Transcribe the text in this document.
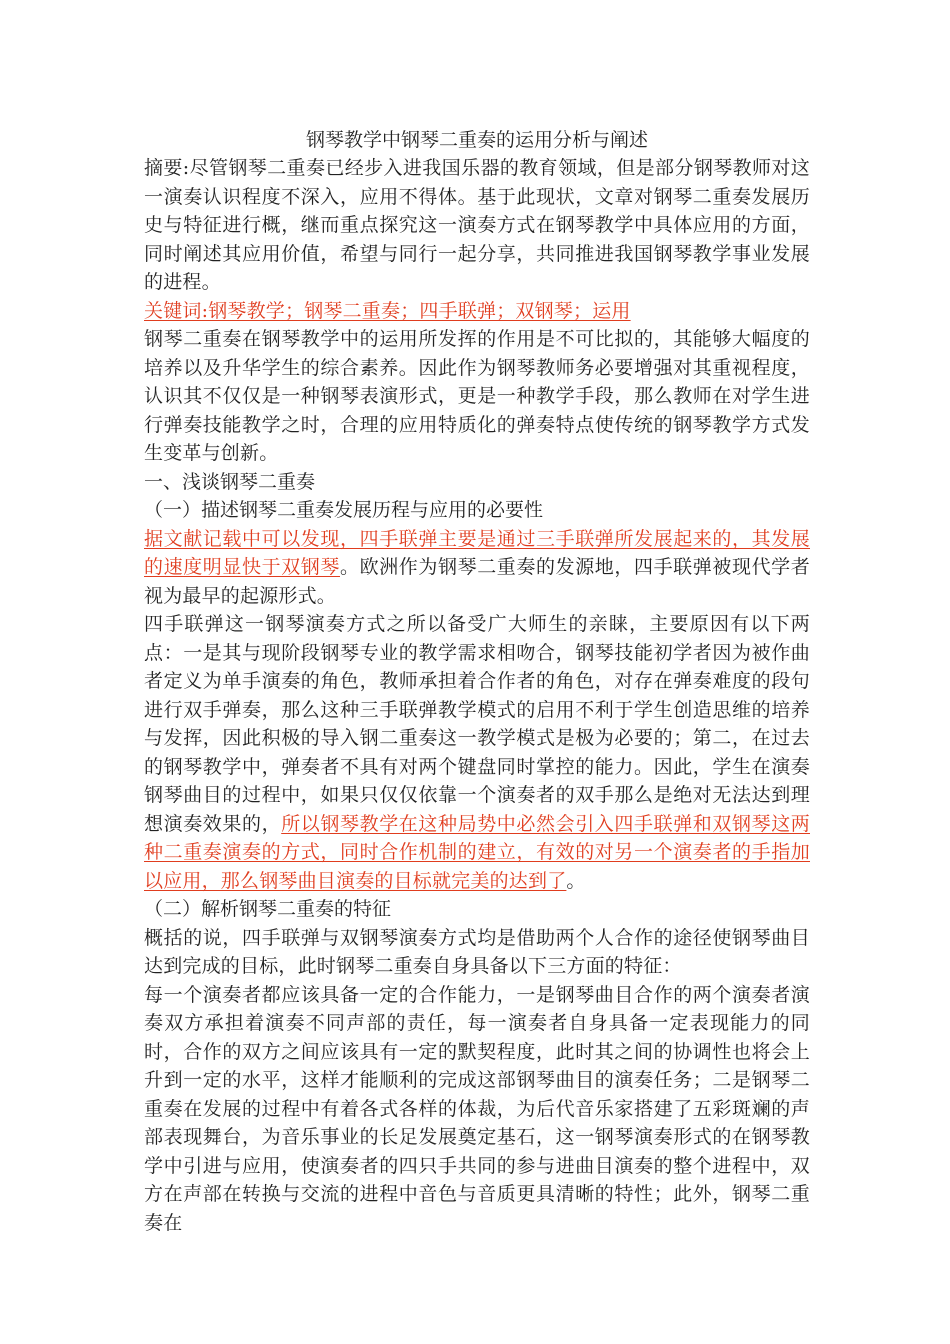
钢琴教学中钢琴二重奏的运用分析与阐述

摘要:尽管钢琴二重奏已经步入进我国乐器的教育领域，但是部分钢琴教师对这一演奏认识程度不深入，应用不得体。基于此现状，文章对钢琴二重奏发展历史与特征进行概，继而重点探究这一演奏方式在钢琴教学中具体应用的方面，同时阐述其应用价值，希望与同行一起分享，共同推进我国钢琴教学事业发展的进程。

关键词:钢琴教学；钢琴二重奏；四手联弹；双钢琴；运用

钢琴二重奏在钢琴教学中的运用所发挥的作用是不可比拟的，其能够大幅度的培养以及升华学生的综合素养。因此作为钢琴教师务必要增强对其重视程度，认识其不仅仅是一种钢琴表演形式，更是一种教学手段，那么教师在对学生进行弹奏技能教学之时，合理的应用特质化的弹奏特点使传统的钢琴教学方式发生变革与创新。

一、浅谈钢琴二重奏

（一）描述钢琴二重奏发展历程与应用的必要性

据文献记载中可以发现，四手联弹主要是通过三手联弹所发展起来的，其发展的速度明显快于双钢琴。欧洲作为钢琴二重奏的发源地，四手联弹被现代学者视为最早的起源形式。

四手联弹这一钢琴演奏方式之所以备受广大师生的亲睐，主要原因有以下两点：一是其与现阶段钢琴专业的教学需求相吻合，钢琴技能初学者因为被作曲者定义为单手演奏的角色，教师承担着合作者的角色，对存在弹奏难度的段句进行双手弹奏，那么这种三手联弹教学模式的启用不利于学生创造思维的培养与发挥，因此积极的导入钢二重奏这一教学模式是极为必要的；第二，在过去的钢琴教学中，弹奏者不具有对两个键盘同时掌控的能力。因此，学生在演奏钢琴曲目的过程中，如果只仅仅依靠一个演奏者的双手那么是绝对无法达到理想演奏效果的，所以钢琴教学在这种局势中必然会引入四手联弹和双钢琴这两种二重奏演奏的方式，同时合作机制的建立，有效的对另一个演奏者的手指加以应用，那么钢琴曲目演奏的目标就完美的达到了。

（二）解析钢琴二重奏的特征

概括的说，四手联弹与双钢琴演奏方式均是借助两个人合作的途径使钢琴曲目达到完成的目标，此时钢琴二重奏自身具备以下三方面的特征：

每一个演奏者都应该具备一定的合作能力，一是钢琴曲目合作的两个演奏者演奏双方承担着演奏不同声部的责任，每一演奏者自身具备一定表现能力的同时，合作的双方之间应该具有一定的默契程度，此时其之间的协调性也将会上升到一定的水平，这样才能顺利的完成这部钢琴曲目的演奏任务；二是钢琴二重奏在发展的过程中有着各式各样的体裁，为后代音乐家搭建了五彩斑斓的声部表现舞台，为音乐事业的长足发展奠定基石，这一钢琴演奏形式的在钢琴教学中引进与应用，使演奏者的四只手共同的参与进曲目演奏的整个进程中，双方在声部在转换与交流的进程中音色与音质更具清晰的特性；此外，钢琴二重奏在
